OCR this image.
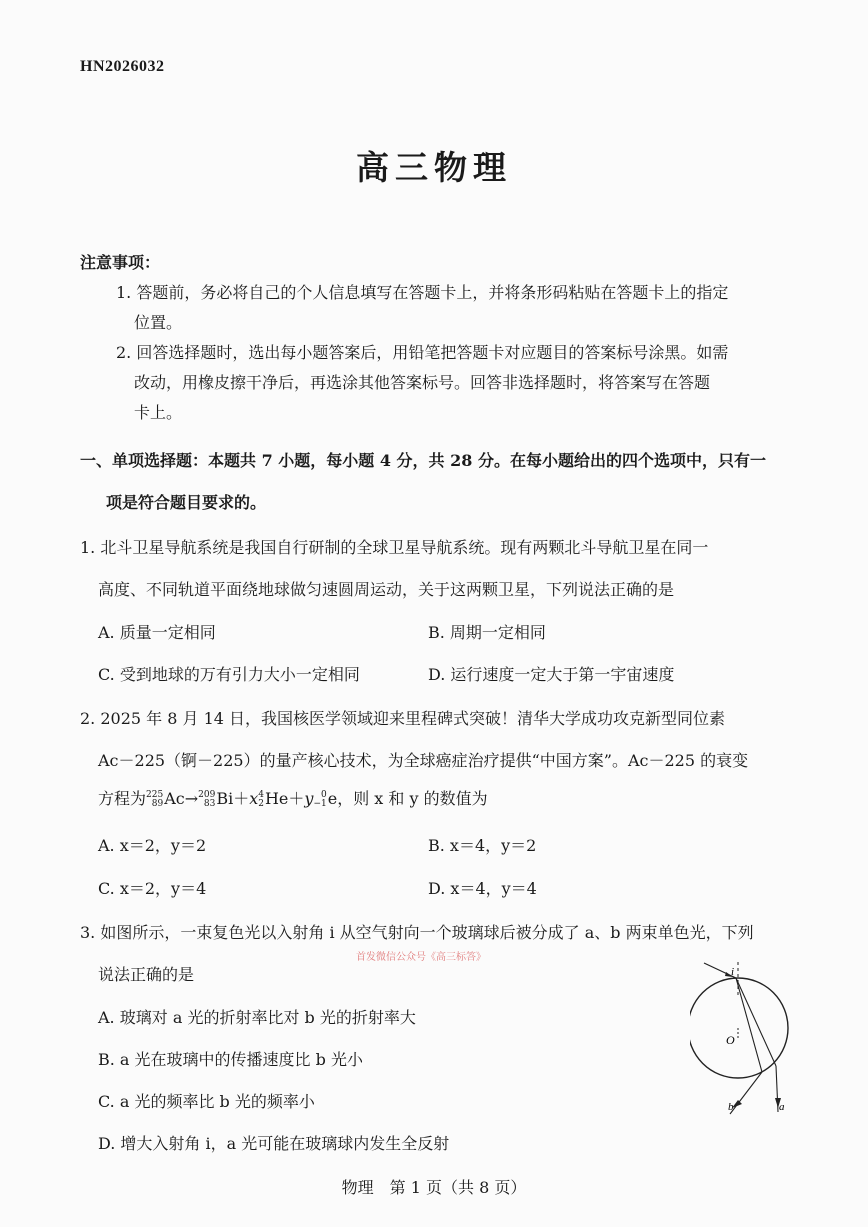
HN2026032
高三物理
注意事项：
1. 答题前，务必将自己的个人信息填写在答题卡上，并将条形码粘贴在答题卡上的指定
位置。
2. 回答选择题时，选出每小题答案后，用铅笔把答题卡对应题目的答案标号涂黑。如需
改动，用橡皮擦干净后，再选涂其他答案标号。回答非选择题时，将答案写在答题
卡上。
一、单项选择题：本题共 7 小题，每小题 4 分，共 28 分。在每小题给出的四个选项中，只有一
项是符合题目要求的。
1. 北斗卫星导航系统是我国自行研制的全球卫星导航系统。现有两颗北斗导航卫星在同一
高度、不同轨道平面绕地球做匀速圆周运动，关于这两颗卫星，下列说法正确的是
A. 质量一定相同	B. 周期一定相同
C. 受到地球的万有引力大小一定相同	D. 运行速度一定大于第一宇宙速度
2. 2025 年 8 月 14 日，我国核医学领域迎来里程碑式突破！清华大学成功攻克新型同位素
Ac－225（锕－225）的量产核心技术，为全球癌症治疗提供“中国方案”。Ac－225 的衰变
方程为225
89Ac→209
83Bi＋x4
2He＋y 0
−1e，则 x 和 y 的数值为
A. x＝2，y＝2	B. x＝4，y＝2
C. x＝2，y＝4	D. x＝4，y＝4
3. 如图所示，一束复色光以入射角 i 从空气射向一个玻璃球后被分成了 a、b 两束单色光，下列
首发微信公众号《高三标答》
说法正确的是
A. 玻璃对 a 光的折射率比对 b 光的折射率大
B. a 光在玻璃中的传播速度比 b 光小
C. a 光的频率比 b 光的频率小
D. 增大入射角 i，a 光可能在玻璃球内发生全反射
i
O
a
b
物理　第 1 页（共 8 页）
